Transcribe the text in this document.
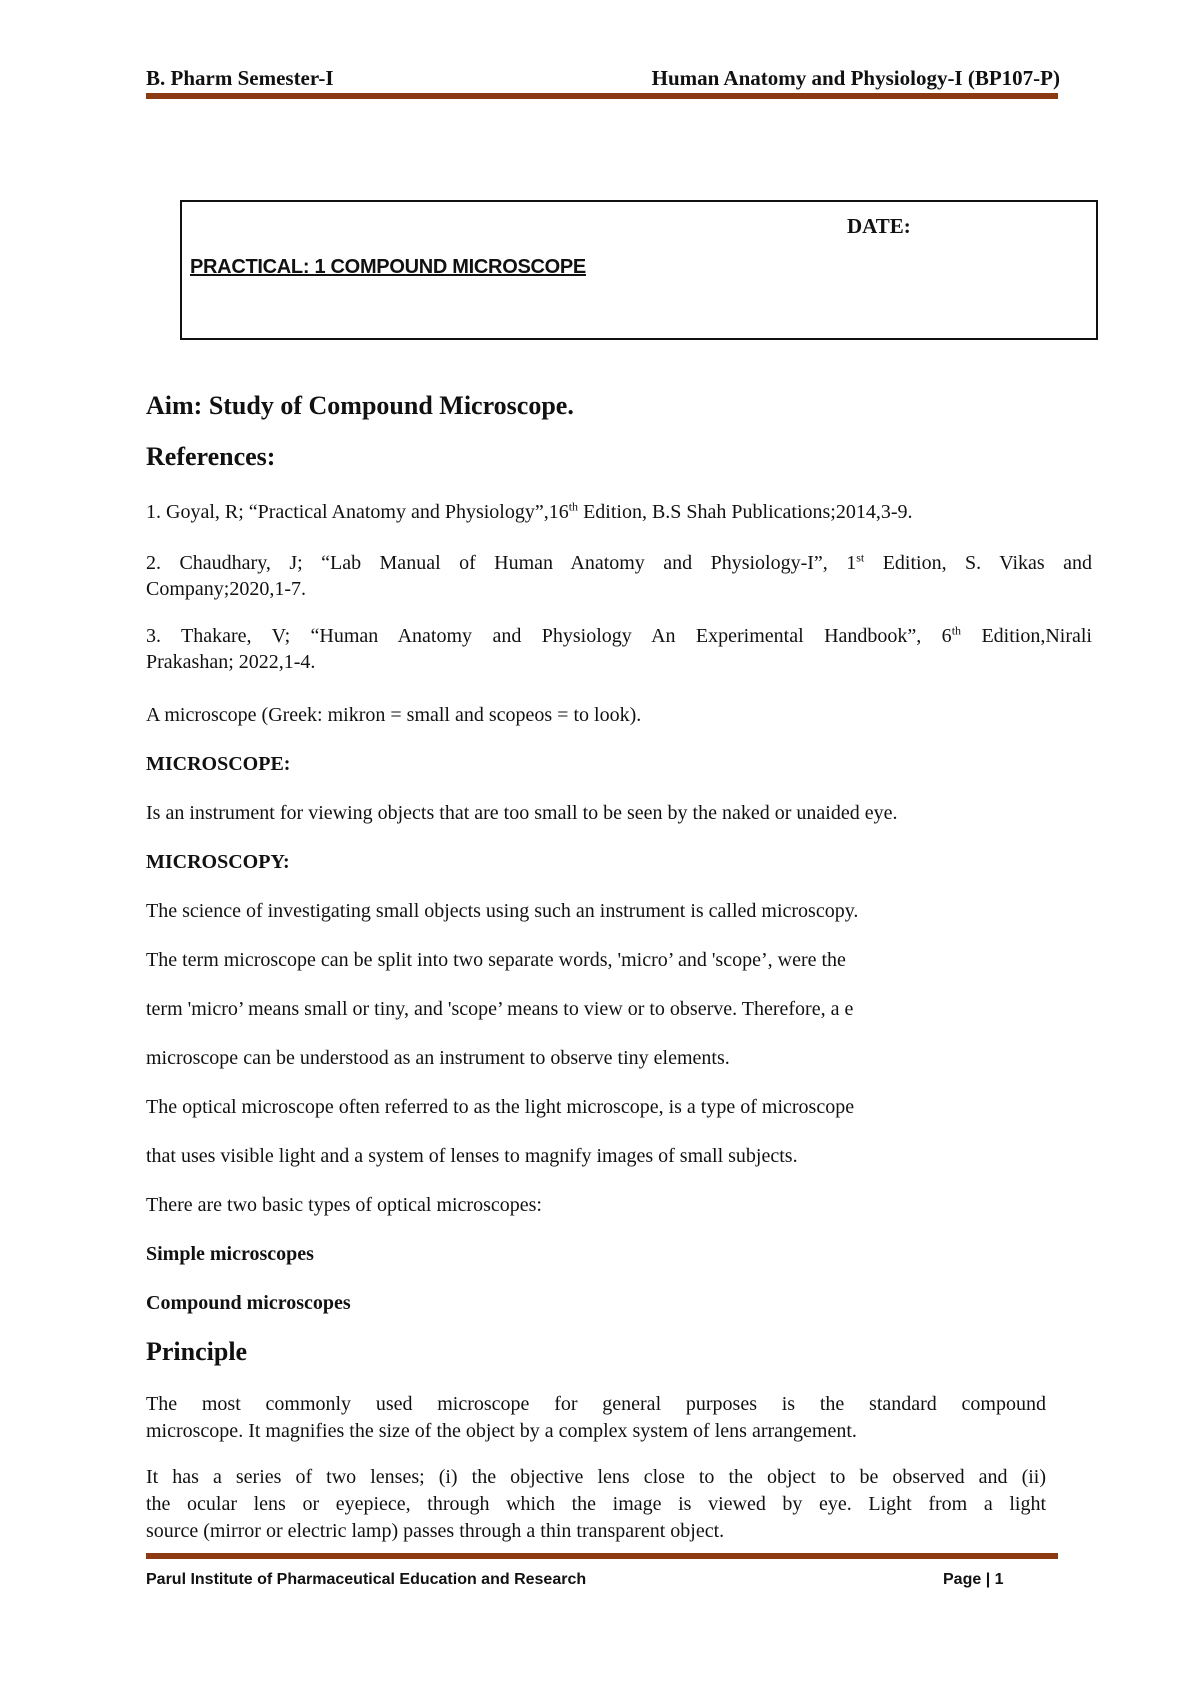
B. Pharm Semester-I	Human Anatomy and Physiology-I (BP107-P)
DATE:
PRACTICAL: 1 COMPOUND MICROSCOPE
Aim: Study of Compound Microscope.
References:
1. Goyal, R; “Practical Anatomy and Physiology”,16th Edition, B.S Shah Publications;2014,3-9.
2. Chaudhary, J; “Lab Manual of Human Anatomy and Physiology-I”, 1st Edition, S. Vikas and
Company;2020,1-7.
3. Thakare, V; “Human Anatomy and Physiology An Experimental Handbook”, 6th Edition,Nirali
Prakashan; 2022,1-4.
A microscope (Greek: mikron = small and scopeos = to look).
MICROSCOPE:
Is an instrument for viewing objects that are too small to be seen by the naked or unaided eye.
MICROSCOPY:
The science of investigating small objects using such an instrument is called microscopy.
The term microscope can be split into two separate words, 'micro’ and 'scope’, were the
term 'micro’ means small or tiny, and 'scope’ means to view or to observe. Therefore, a e
microscope can be understood as an instrument to observe tiny elements.
The optical microscope often referred to as the light microscope, is a type of microscope
that uses visible light and a system of lenses to magnify images of small subjects.
There are two basic types of optical microscopes:
Simple microscopes
Compound microscopes
Principle
The most commonly used microscope for general purposes is the standard compound
microscope. It magnifies the size of the object by a complex system of lens arrangement.
It has a series of two lenses; (i) the objective lens close to the object to be observed and (ii)
the ocular lens or eyepiece, through which the image is viewed by eye. Light from a light
source (mirror or electric lamp) passes through a thin transparent object.
Parul Institute of Pharmaceutical Education and Research	Page | 1
